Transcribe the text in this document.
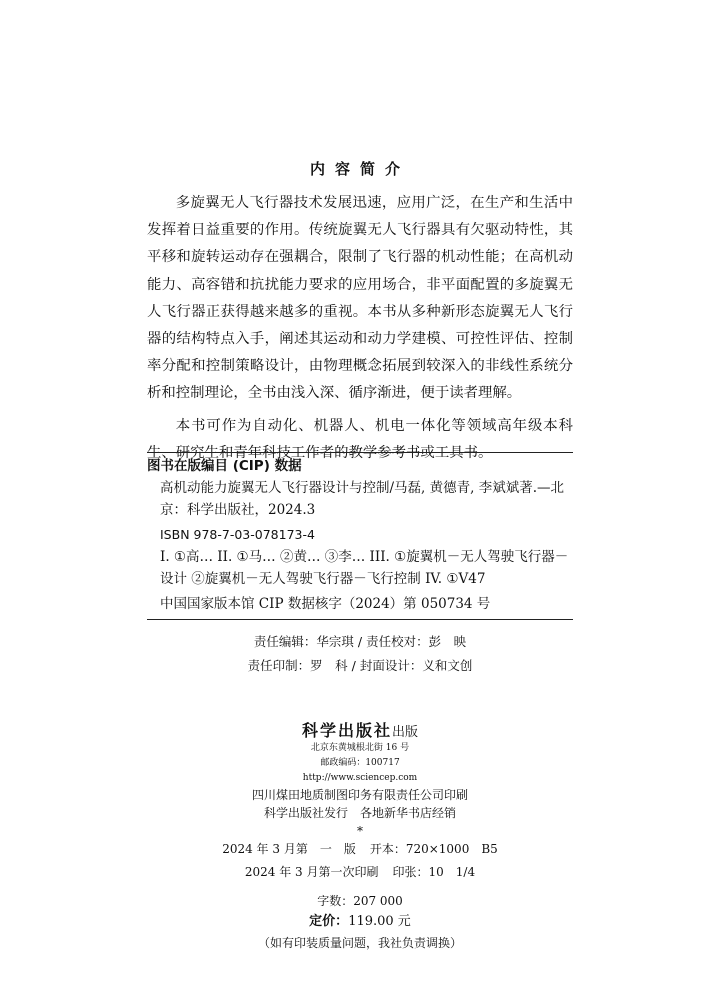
内容简介

多旋翼无人飞行器技术发展迅速，应用广泛，在生产和生活中发挥着日益重要的作用。传统旋翼无人飞行器具有欠驱动特性，其平移和旋转运动存在强耦合，限制了飞行器的机动性能；在高机动能力、高容错和抗扰能力要求的应用场合，非平面配置的多旋翼无人飞行器正获得越来越多的重视。本书从多种新形态旋翼无人飞行器的结构特点入手，阐述其运动和动力学建模、可控性评估、控制率分配和控制策略设计，由物理概念拓展到较深入的非线性系统分析和控制理论，全书由浅入深、循序渐进，便于读者理解。

本书可作为自动化、机器人、机电一体化等领域高年级本科生、研究生和青年科技工作者的教学参考书或工具书。

图书在版编目 (CIP) 数据
高机动能力旋翼无人飞行器设计与控制/马磊, 黄德青, 李斌斌著.—北京：科学出版社，2024.3
ISBN 978-7-03-078173-4
I. ①高… II. ①马… ②黄… ③李… III. ①旋翼机－无人驾驶飞行器－设计 ②旋翼机－无人驾驶飞行器－飞行控制 IV. ①V47
中国国家版本馆 CIP 数据核字（2024）第 050734 号
责任编辑：华宗琪 / 责任校对：彭　映
责任印制：罗　科 / 封面设计：义和文创
科学出版社出版
北京东黄城根北街 16 号
邮政编码：100717
http://www.sciencep.com
四川煤田地质制图印务有限责任公司印刷
科学出版社发行　各地新华书店经销
*
2024 年 3 月第　一　版 开本：720×1000　B5
2024 年 3 月第一次印刷 印张：10　1/4
字数：207 000
定价：119.00 元
（如有印装质量问题，我社负责调换）
